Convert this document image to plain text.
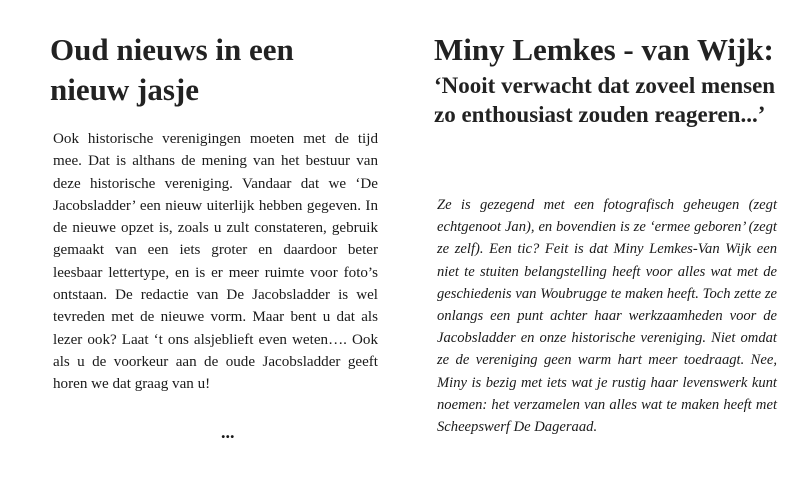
Oud nieuws in een
nieuw jasje

Ook historische verenigingen moeten met de tijd mee. Dat is althans de mening van het bestuur van deze historische vereniging. Vandaar dat we ‘De Jacobsladder’ een nieuw uiterlijk hebben gegeven. In de nieuwe opzet is, zoals u zult constateren, gebruik gemaakt van een iets groter en daardoor beter leesbaar lettertype, en is er meer ruimte voor foto’s ontstaan. De redactie van De Jacobsladder is wel tevreden met de nieuwe vorm. Maar bent u dat als lezer ook? Laat ‘t ons alsjeblieft even weten…. Ook als u de voorkeur aan de oude Jacobsladder geeft horen we dat graag van u!

...

Miny Lemkes - van Wijk:
‘Nooit verwacht dat zoveel mensen zo enthousiast zouden reageren...’

Ze is gezegend met een fotografisch geheugen (zegt echtgenoot Jan), en bovendien is ze ‘ermee geboren’ (zegt ze zelf). Een tic? Feit is dat Miny Lemkes-Van Wijk een niet te stuiten belangstelling heeft voor alles wat met de geschiedenis van Woubrugge te maken heeft. Toch zette ze onlangs een punt achter haar werkzaamheden voor de Jacobsladder en onze historische vereniging. Niet omdat ze de vereniging geen warm hart meer toedraagt. Nee, Miny is bezig met iets wat je rustig haar levenswerk kunt noemen: het verzamelen van alles wat te maken heeft met Scheepswerf De Dageraad.
